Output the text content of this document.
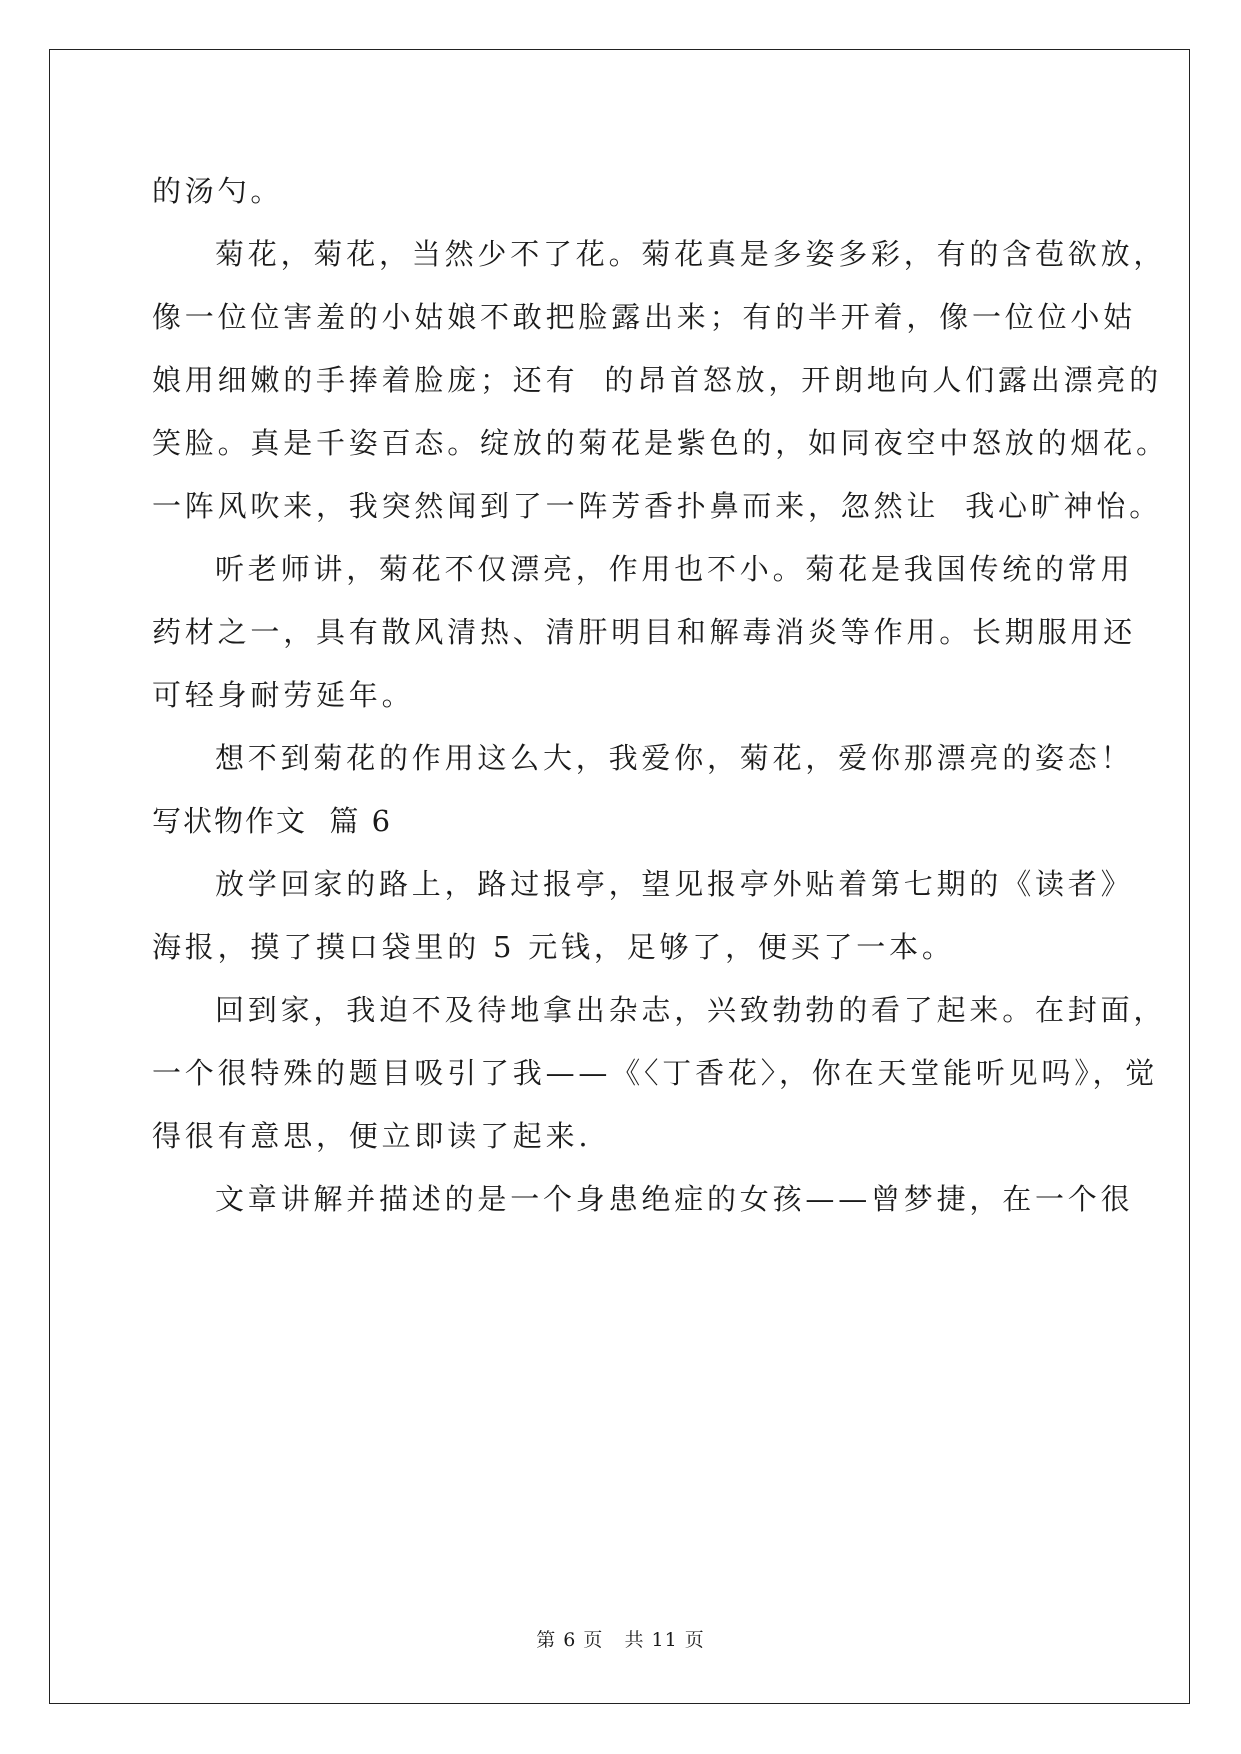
的汤勺。
菊花，菊花，当然少不了花。菊花真是多姿多彩，有的含苞欲放，
像一位位害羞的小姑娘不敢把脸露出来；有的半开着，像一位位小姑
娘用细嫩的手捧着脸庞；还有  的昂首怒放，开朗地向人们露出漂亮的
笑脸。真是千姿百态。绽放的菊花是紫色的，如同夜空中怒放的烟花。
一阵风吹来，我突然闻到了一阵芳香扑鼻而来，忽然让  我心旷神怡。
听老师讲，菊花不仅漂亮，作用也不小。菊花是我国传统的常用
药材之一，具有散风清热、清肝明目和解毒消炎等作用。长期服用还
可轻身耐劳延年。
想不到菊花的作用这么大，我爱你，菊花，爱你那漂亮的姿态！
写状物作文  篇 6
放学回家的路上，路过报亭，望见报亭外贴着第七期的《读者》
海报，摸了摸口袋里的 5 元钱，足够了，便买了一本。
回到家，我迫不及待地拿出杂志，兴致勃勃的看了起来。在封面，
一个很特殊的题目吸引了我——《〈丁香花〉，你在天堂能听见吗》，觉
得很有意思，便立即读了起来.
文章讲解并描述的是一个身患绝症的女孩——曾梦捷，在一个很
第 6 页   共 11 页
